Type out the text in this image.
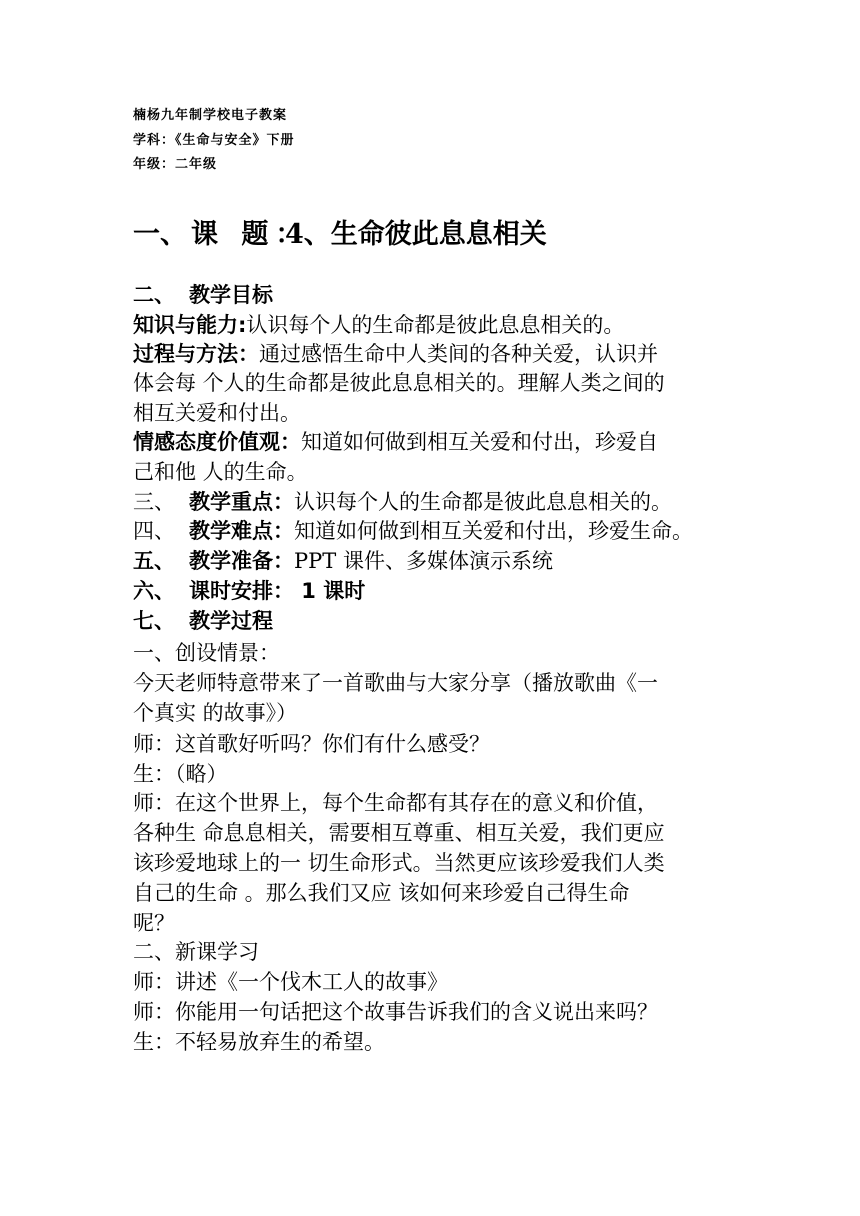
楠杨九年制学校电子教案
学科：《生命与安全》下册
年级：二年级
一、 课 题：4、生命彼此息息相关
二、 教学目标
知识与能力:认识每个人的生命都是彼此息息相关的。
过程与方法：通过感悟生命中人类间的各种关爱，认识并
体会每 个人的生命都是彼此息息相关的。理解人类之间的
相互关爱和付出。
情感态度价值观：知道如何做到相互关爱和付出，珍爱自
己和他 人的生命。
三、 教学重点：认识每个人的生命都是彼此息息相关的。
四、 教学难点：知道如何做到相互关爱和付出，珍爱生命。
五、 教学准备：PPT 课件、多媒体演示系统
六、 课时安排： 1 课时
七、 教学过程
一、创设情景：
今天老师特意带来了一首歌曲与大家分享（播放歌曲《一
个真实 的故事》）
师：这首歌好听吗？你们有什么感受？
生：（略）
师：在这个世界上，每个生命都有其存在的意义和价值，
各种生 命息息相关，需要相互尊重、相互关爱，我们更应
该珍爱地球上的一 切生命形式。当然更应该珍爱我们人类
自己的生命 。那么我们又应 该如何来珍爱自己得生命
呢？
二、新课学习
师：讲述《一个伐木工人的故事》
师：你能用一句话把这个故事告诉我们的含义说出来吗？
生：不轻易放弃生的希望。
